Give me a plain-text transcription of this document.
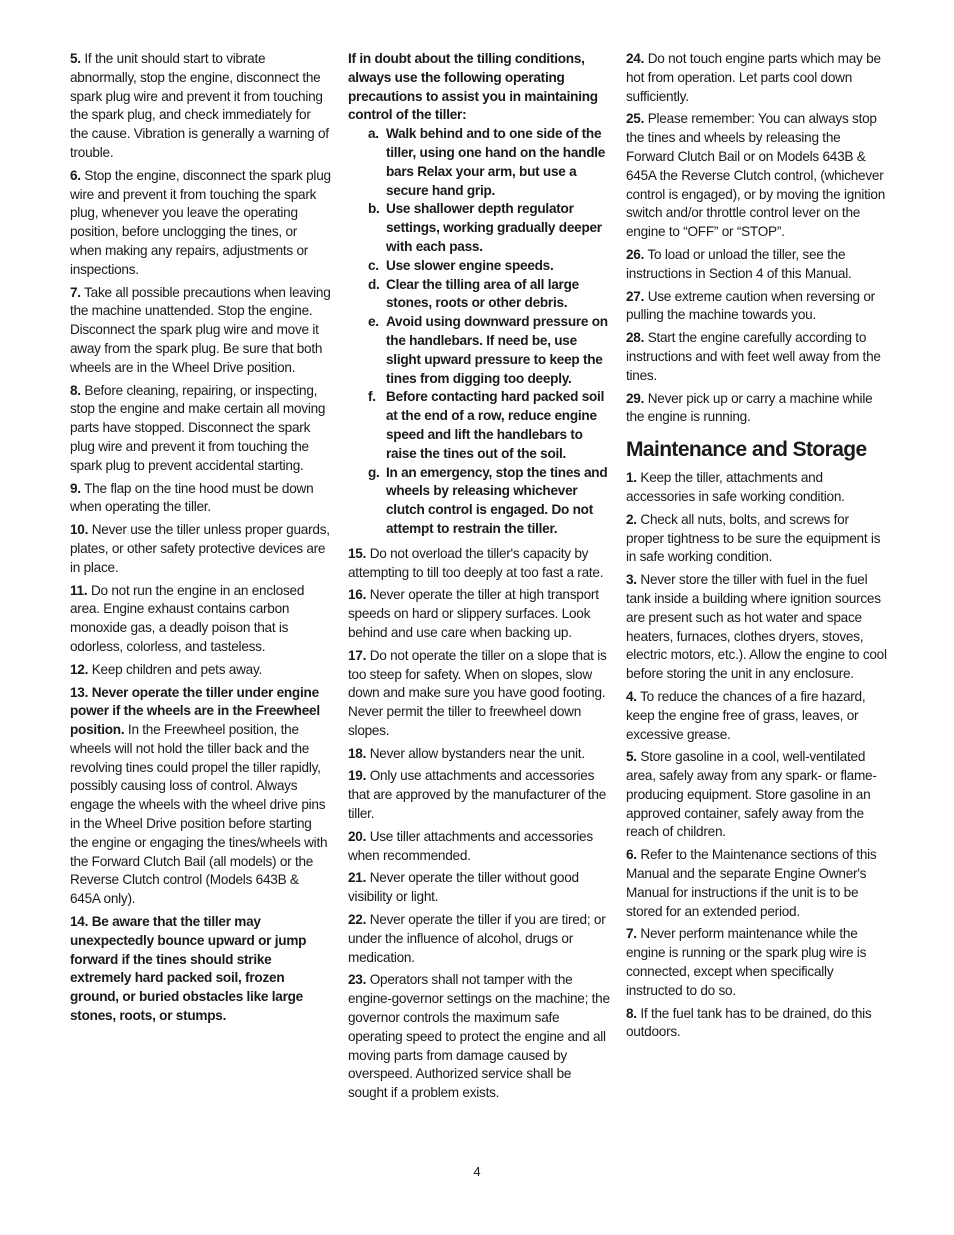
5. If the unit should start to vibrate abnormally, stop the engine, disconnect the spark plug wire and prevent it from touching the spark plug, and check immediately for the cause. Vibration is generally a warning of trouble.

6. Stop the engine, disconnect the spark plug wire and prevent it from touching the spark plug, whenever you leave the operating position, before unclogging the tines, or when making any repairs, adjustments or inspections.

7. Take all possible precautions when leaving the machine unattended. Stop the engine. Disconnect the spark plug wire and move it away from the spark plug. Be sure that both wheels are in the Wheel Drive position.

8. Before cleaning, repairing, or inspecting, stop the engine and make certain all moving parts have stopped. Disconnect the spark plug wire and prevent it from touching the spark plug to prevent accidental starting.

9. The flap on the tine hood must be down when operating the tiller.

10. Never use the tiller unless proper guards, plates, or other safety protective devices are in place.

11. Do not run the engine in an enclosed area. Engine exhaust contains carbon monoxide gas, a deadly poison that is odorless, colorless, and tasteless.

12. Keep children and pets away.

13. Never operate the tiller under engine power if the wheels are in the Freewheel position. In the Freewheel position, the wheels will not hold the tiller back and the revolving tines could propel the tiller rapidly, possibly causing loss of control. Always engage the wheels with the wheel drive pins in the Wheel Drive position before starting the engine or engaging the tines/wheels with the Forward Clutch Bail (all models) or the Reverse Clutch control (Models 643B & 645A only).

14. Be aware that the tiller may unexpectedly bounce upward or jump forward if the tines should strike extremely hard packed soil, frozen ground, or buried obstacles like large stones, roots, or stumps.

If in doubt about the tilling conditions, always use the following operating precautions to assist you in maintaining control of the tiller:

a. Walk behind and to one side of the tiller, using one hand on the handle bars Relax your arm, but use a secure hand grip.

b. Use shallower depth regulator settings, working gradually deeper with each pass.

c. Use slower engine speeds.

d. Clear the tilling area of all large stones, roots or other debris.

e. Avoid using downward pressure on the handlebars. If need be, use slight upward pressure to keep the tines from digging too deeply.

f. Before contacting hard packed soil at the end of a row, reduce engine speed and lift the handlebars to raise the tines out of the soil.

g. In an emergency, stop the tines and wheels by releasing whichever clutch control is engaged. Do not attempt to restrain the tiller.

15. Do not overload the tiller's capacity by attempting to till too deeply at too fast a rate.

16. Never operate the tiller at high transport speeds on hard or slippery surfaces. Look behind and use care when backing up.

17. Do not operate the tiller on a slope that is too steep for safety. When on slopes, slow down and make sure you have good footing. Never permit the tiller to freewheel down slopes.

18. Never allow bystanders near the unit.

19. Only use attachments and accessories that are approved by the manufacturer of the tiller.

20. Use tiller attachments and accessories when recommended.

21. Never operate the tiller without good visibility or light.

22. Never operate the tiller if you are tired; or under the influence of alcohol, drugs or medication.

23. Operators shall not tamper with the engine-governor settings on the machine; the governor controls the maximum safe operating speed to protect the engine and all moving parts from damage caused by overspeed. Authorized service shall be sought if a problem exists.

24. Do not touch engine parts which may be hot from operation. Let parts cool down sufficiently.

25. Please remember: You can always stop the tines and wheels by releasing the Forward Clutch Bail or on Models 643B & 645A the Reverse Clutch control, (whichever control is engaged), or by moving the ignition switch and/or throttle control lever on the engine to “OFF” or “STOP”.

26. To load or unload the tiller, see the instructions in Section 4 of this Manual.

27. Use extreme caution when reversing or pulling the machine towards you.

28. Start the engine carefully according to instructions and with feet well away from the tines.

29. Never pick up or carry a machine while the engine is running.

Maintenance and Storage

1. Keep the tiller, attachments and accessories in safe working condition.

2. Check all nuts, bolts, and screws for proper tightness to be sure the equipment is in safe working condition.

3. Never store the tiller with fuel in the fuel tank inside a building where ignition sources are present such as hot water and space heaters, furnaces, clothes dryers, stoves, electric motors, etc.). Allow the engine to cool before storing the unit in any enclosure.

4. To reduce the chances of a fire hazard, keep the engine free of grass, leaves, or excessive grease.

5. Store gasoline in a cool, well-ventilated area, safely away from any spark- or flame-producing equipment. Store gasoline in an approved container, safely away from the reach of children.

6. Refer to the Maintenance sections of this Manual and the separate Engine Owner's Manual for instructions if the unit is to be stored for an extended period.

7. Never perform maintenance while the engine is running or the spark plug wire is connected, except when specifically instructed to do so.

8. If the fuel tank has to be drained, do this outdoors.

4
